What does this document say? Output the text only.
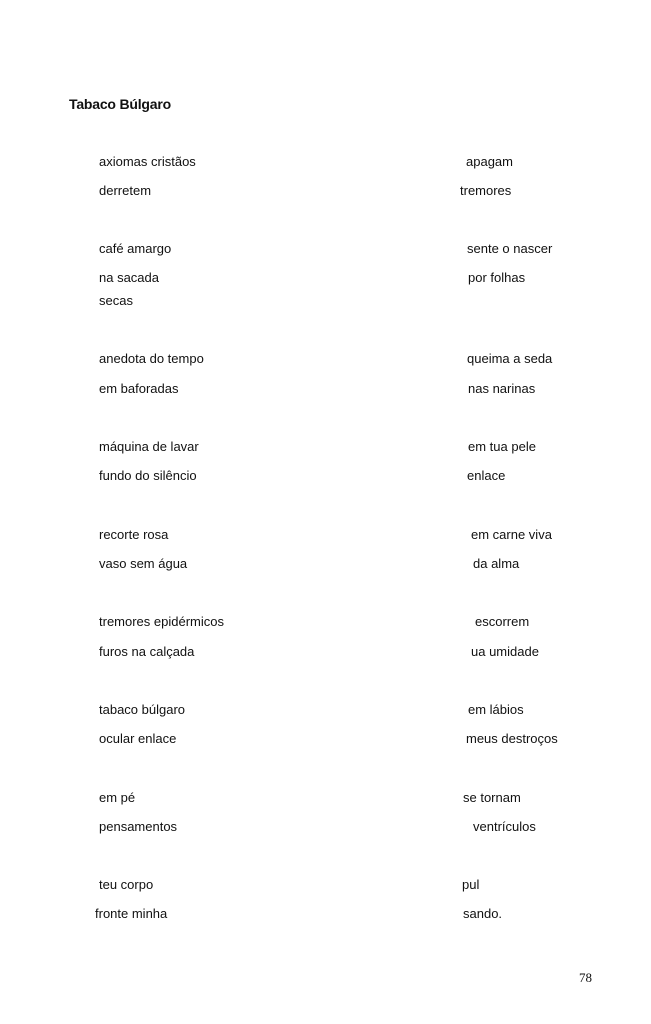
Tabaco Búlgaro
axiomas cristãos	apagam
derretem	tremores
café amargo	sente o nascer
na sacada	por folhas
secas
anedota do tempo	queima a seda
em baforadas	nas narinas
máquina de lavar	em tua pele
fundo do silêncio	enlace
recorte rosa	em carne viva
vaso sem água	da alma
tremores epidérmicos	escorrem
furos na calçada	ua umidade
tabaco búlgaro	em lábios
ocular enlace	meus destroços
em pé	se tornam
pensamentos	ventrículos
teu corpo	pul
fronte minha	sando.
78
